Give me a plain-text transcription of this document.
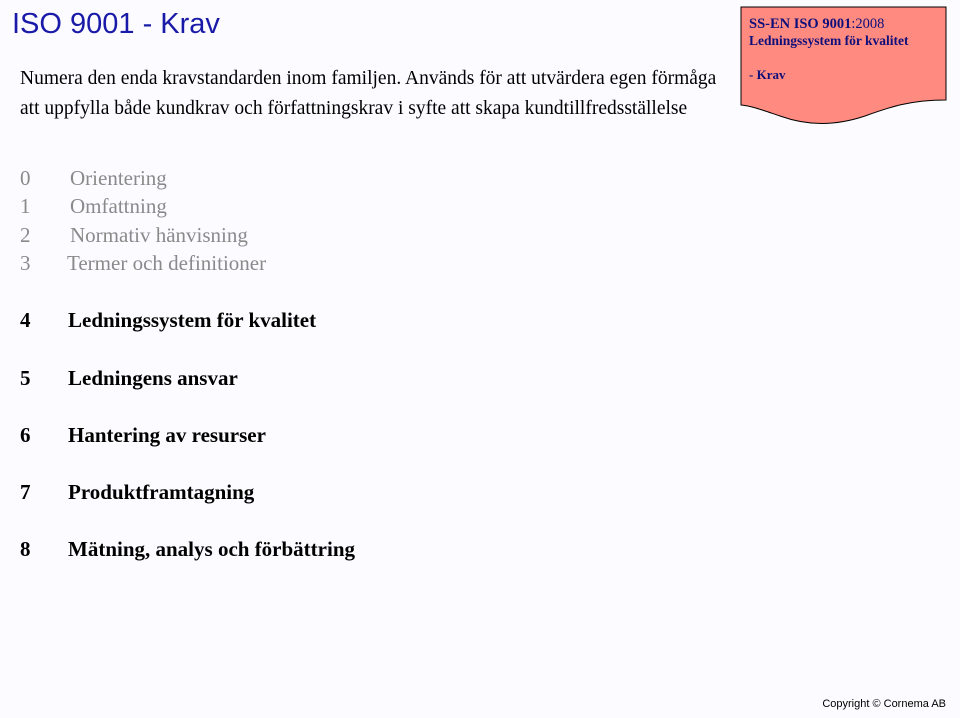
ISO 9001 - Krav

Numera den enda kravstandarden inom familjen. Används för att utvärdera egen förmåga att uppfylla både kundkrav och författningskrav i syfte att skapa kundtillfredsställelse

0 Orientering
1 Omfattning
2 Normativ hänvisning
3 Termer och definitioner
4 Ledningssystem för kvalitet
5 Ledningens ansvar
6 Hantering av resurser
7 Produktframtagning
8 Mätning, analys och förbättring
SS-EN ISO 9001:2008
Ledningssystem för kvalitet
- Krav
Copyright © Cornema AB
